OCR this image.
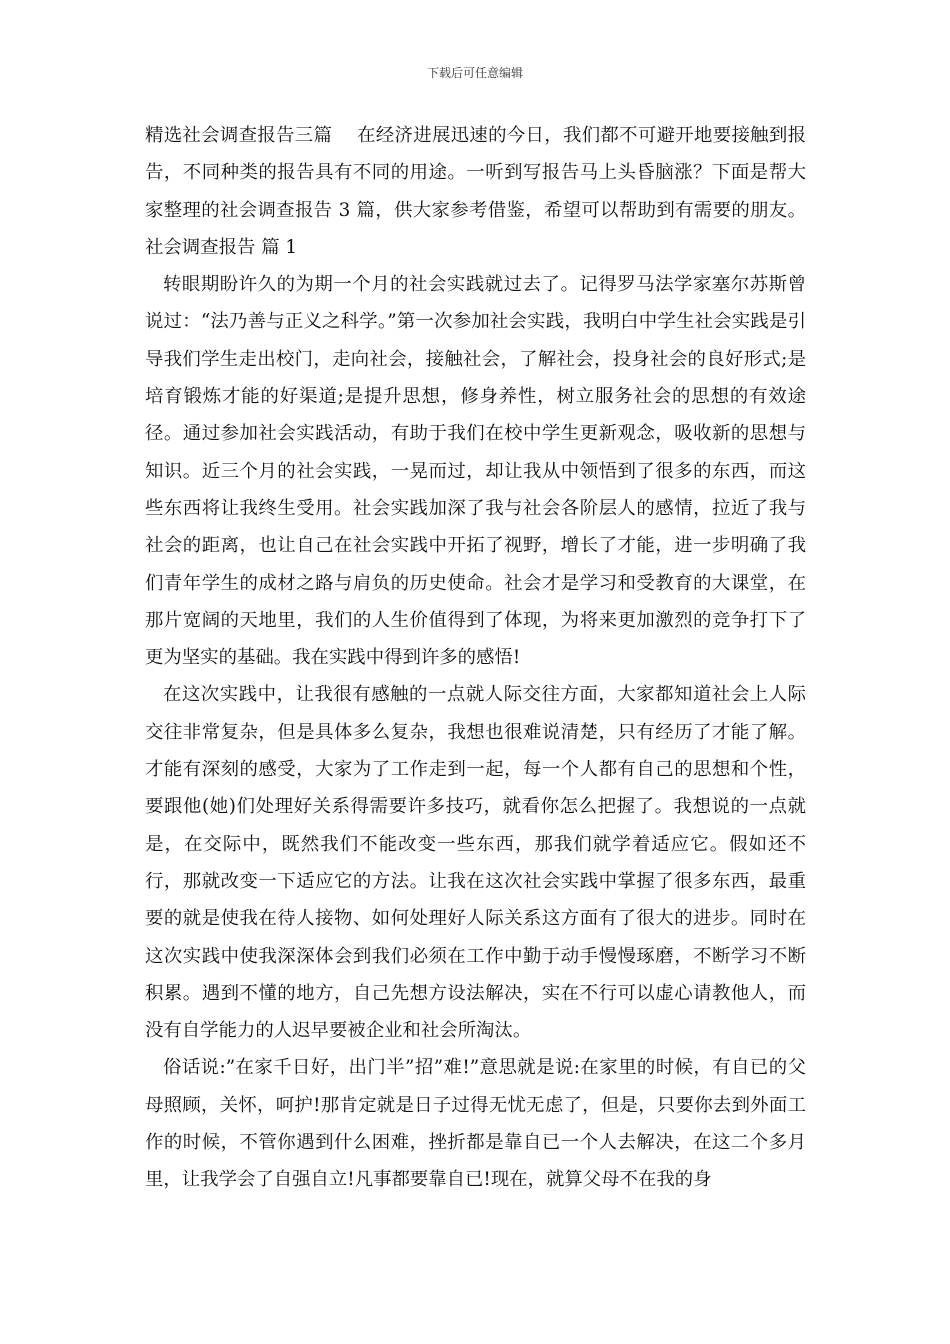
下载后可任意编辑

精选社会调查报告三篇　 在经济进展迅速的今日，我们都不可避开地要接触到报告，不同种类的报告具有不同的用途。一听到写报告马上头昏脑涨？下面是帮大家整理的社会调查报告 3 篇，供大家参考借鉴，希望可以帮助到有需要的朋友。社会调查报告 篇 1

转眼期盼许久的为期一个月的社会实践就过去了。记得罗马法学家塞尔苏斯曾说过：“法乃善与正义之科学。”第一次参加社会实践，我明白中学生社会实践是引导我们学生走出校门，走向社会，接触社会，了解社会，投身社会的良好形式;是培育锻炼才能的好渠道;是提升思想，修身养性，树立服务社会的思想的有效途径。通过参加社会实践活动，有助于我们在校中学生更新观念，吸收新的思想与知识。近三个月的社会实践，一晃而过，却让我从中领悟到了很多的东西，而这些东西将让我终生受用。社会实践加深了我与社会各阶层人的感情，拉近了我与社会的距离，也让自己在社会实践中开拓了视野，增长了才能，进一步明确了我们青年学生的成材之路与肩负的历史使命。社会才是学习和受教育的大课堂，在那片宽阔的天地里，我们的人生价值得到了体现，为将来更加激烈的竞争打下了更为坚实的基础。我在实践中得到许多的感悟!

在这次实践中，让我很有感触的一点就人际交往方面，大家都知道社会上人际交往非常复杂，但是具体多么复杂，我想也很难说清楚，只有经历了才能了解。才能有深刻的感受，大家为了工作走到一起，每一个人都有自己的思想和个性，要跟他(她)们处理好关系得需要许多技巧，就看你怎么把握了。我想说的一点就是，在交际中，既然我们不能改变一些东西，那我们就学着适应它。假如还不行，那就改变一下适应它的方法。让我在这次社会实践中掌握了很多东西，最重要的就是使我在待人接物、如何处理好人际关系这方面有了很大的进步。同时在这次实践中使我深深体会到我们必须在工作中勤于动手慢慢琢磨，不断学习不断积累。遇到不懂的地方，自己先想方设法解决，实在不行可以虚心请教他人，而没有自学能力的人迟早要被企业和社会所淘汰。

俗话说:”在家千日好，出门半”招”难!”意思就是说:在家里的时候，有自已的父母照顾，关怀，呵护!那肯定就是日子过得无忧无虑了，但是，只要你去到外面工作的时候，不管你遇到什么困难，挫折都是靠自已一个人去解决，在这二个多月里，让我学会了自强自立!凡事都要靠自已!现在，就算父母不在我的身
